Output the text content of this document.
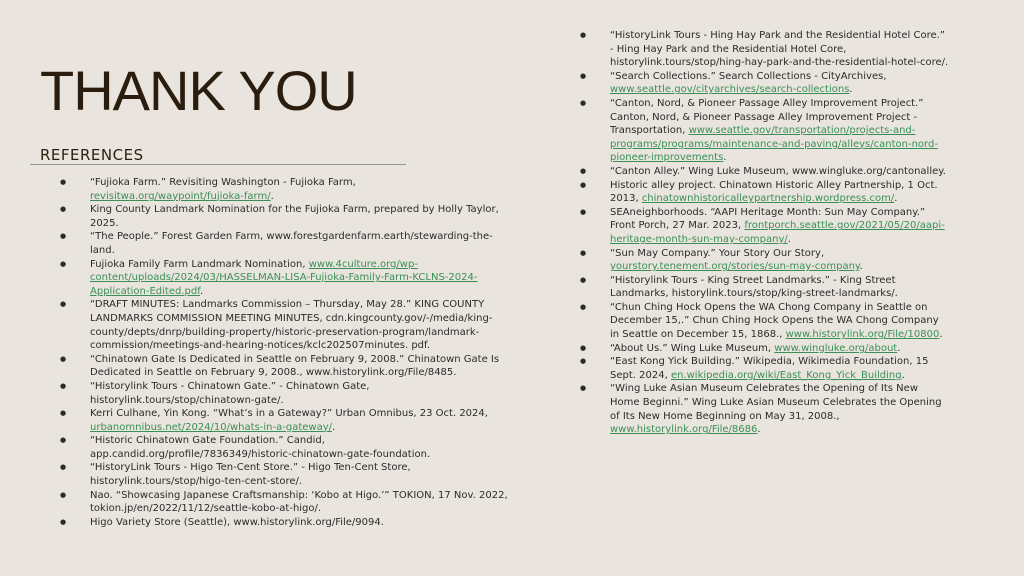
THANK YOU
REFERENCES
● “Fujioka Farm.” Revisiting Washington - Fujioka Farm, revisitwa.org/waypoint/fujioka-farm/.
● King County Landmark Nomination for the Fujioka Farm, prepared by Holly Taylor, 2025.
● “The People.” Forest Garden Farm, www.forestgardenfarm.earth/stewarding-the-land.
● Fujioka Family Farm Landmark Nomination, www.4culture.org/wp-content/uploads/2024/03/HASSELMAN-LISA-Fujioka-Family-Farm-KCLNS-2024-Application-Edited.pdf.
● “DRAFT MINUTES: Landmarks Commission – Thursday, May 28.” KING COUNTY LANDMARKS COMMISSION MEETING MINUTES, cdn.kingcounty.gov/-/media/king-county/depts/dnrp/building-property/historic-preservation-program/landmark-commission/meetings-and-hearing-notices/kclc202507minutes. pdf.
● “Chinatown Gate Is Dedicated in Seattle on February 9, 2008.” Chinatown Gate Is Dedicated in Seattle on February 9, 2008., www.historylink.org/File/8485.
● “Historylink Tours - Chinatown Gate.” - Chinatown Gate, historylink.tours/stop/chinatown-gate/.
● Kerri Culhane, Yin Kong. “What’s in a Gateway?” Urban Omnibus, 23 Oct. 2024, urbanomnibus.net/2024/10/whats-in-a-gateway/.
● “Historic Chinatown Gate Foundation.” Candid, app.candid.org/profile/7836349/historic-chinatown-gate-foundation.
● “HistoryLink Tours - Higo Ten-Cent Store.” - Higo Ten-Cent Store, historylink.tours/stop/higo-ten-cent-store/.
● Nao. “Showcasing Japanese Craftsmanship: ‘Kobo at Higo.’” TOKION, 17 Nov. 2022, tokion.jp/en/2022/11/12/seattle-kobo-at-higo/.
● Higo Variety Store (Seattle), www.historylink.org/File/9094.
● “HistoryLink Tours - Hing Hay Park and the Residential Hotel Core.” - Hing Hay Park and the Residential Hotel Core, historylink.tours/stop/hing-hay-park-and-the-residential-hotel-core/.
● “Search Collections.” Search Collections - CityArchives, www.seattle.gov/cityarchives/search-collections.
● “Canton, Nord, & Pioneer Passage Alley Improvement Project.” Canton, Nord, & Pioneer Passage Alley Improvement Project - Transportation, www.seattle.gov/transportation/projects-and-programs/programs/maintenance-and-paving/alleys/canton-nord-pioneer-improvements.
● “Canton Alley.” Wing Luke Museum, www.wingluke.org/cantonalley.
● Historic alley project. Chinatown Historic Alley Partnership, 1 Oct. 2013, chinatownhistoricalleypartnership.wordpress.com/.
● SEAneighborhoods. “AAPI Heritage Month: Sun May Company.” Front Porch, 27 Mar. 2023, frontporch.seattle.gov/2021/05/20/aapi-heritage-month-sun-may-company/.
● “Sun May Company.” Your Story Our Story, yourstory.tenement.org/stories/sun-may-company.
● “Historylink Tours - King Street Landmarks.” - King Street Landmarks, historylink.tours/stop/king-street-landmarks/.
● “Chun Ching Hock Opens the WA Chong Company in Seattle on December 15,.” Chun Ching Hock Opens the WA Chong Company in Seattle on December 15, 1868., www.historylink.org/File/10800.
● “About Us.” Wing Luke Museum, www.wingluke.org/about.
● “East Kong Yick Building.” Wikipedia, Wikimedia Foundation, 15 Sept. 2024, en.wikipedia.org/wiki/East_Kong_Yick_Building.
● “Wing Luke Asian Museum Celebrates the Opening of Its New Home Beginni.” Wing Luke Asian Museum Celebrates the Opening of Its New Home Beginning on May 31, 2008., www.historylink.org/File/8686.
